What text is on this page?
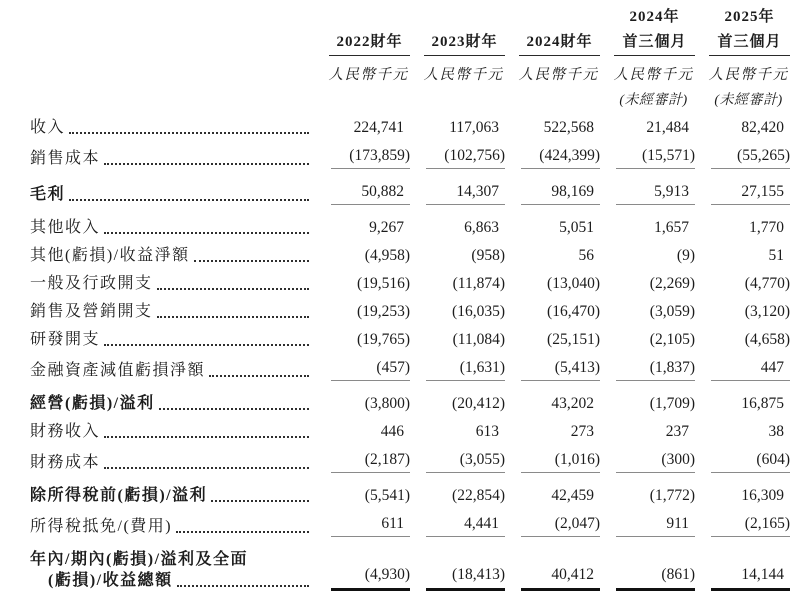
				2024年	2025年

	2022財年	2023財年	2024財年	首三個月	首三個月

	人民幣千元	人民幣千元	人民幣千元	人民幣千元	人民幣千元

				(未經審計)	(未經審計)

收入	224,741	117,063	522,568	21,484	82,420

銷售成本	(173,859)	(102,756)	(424,399)	(15,571)	(55,265)

毛利	50,882	14,307	98,169	5,913	27,155

其他收入	9,267	6,863	5,051	1,657	1,770

其他(虧損)/收益淨額	(4,958)	(958)	56	(9)	51

一般及行政開支	(19,516)	(11,874)	(13,040)	(2,269)	(4,770)

銷售及營銷開支	(19,253)	(16,035)	(16,470)	(3,059)	(3,120)

研發開支	(19,765)	(11,084)	(25,151)	(2,105)	(4,658)

金融資產減值虧損淨額	(457)	(1,631)	(5,413)	(1,837)	447

經營(虧損)/溢利	(3,800)	(20,412)	43,202	(1,709)	16,875

財務收入	446	613	273	237	38

財務成本	(2,187)	(3,055)	(1,016)	(300)	(604)

除所得稅前(虧損)/溢利	(5,541)	(22,854)	42,459	(1,772)	16,309

所得稅抵免/(費用)	611	4,441	(2,047)	911	(2,165)

年內/期內(虧損)/溢利及全面
(虧損)/收益總額	(4,930)	(18,413)	40,412	(861)	14,144
